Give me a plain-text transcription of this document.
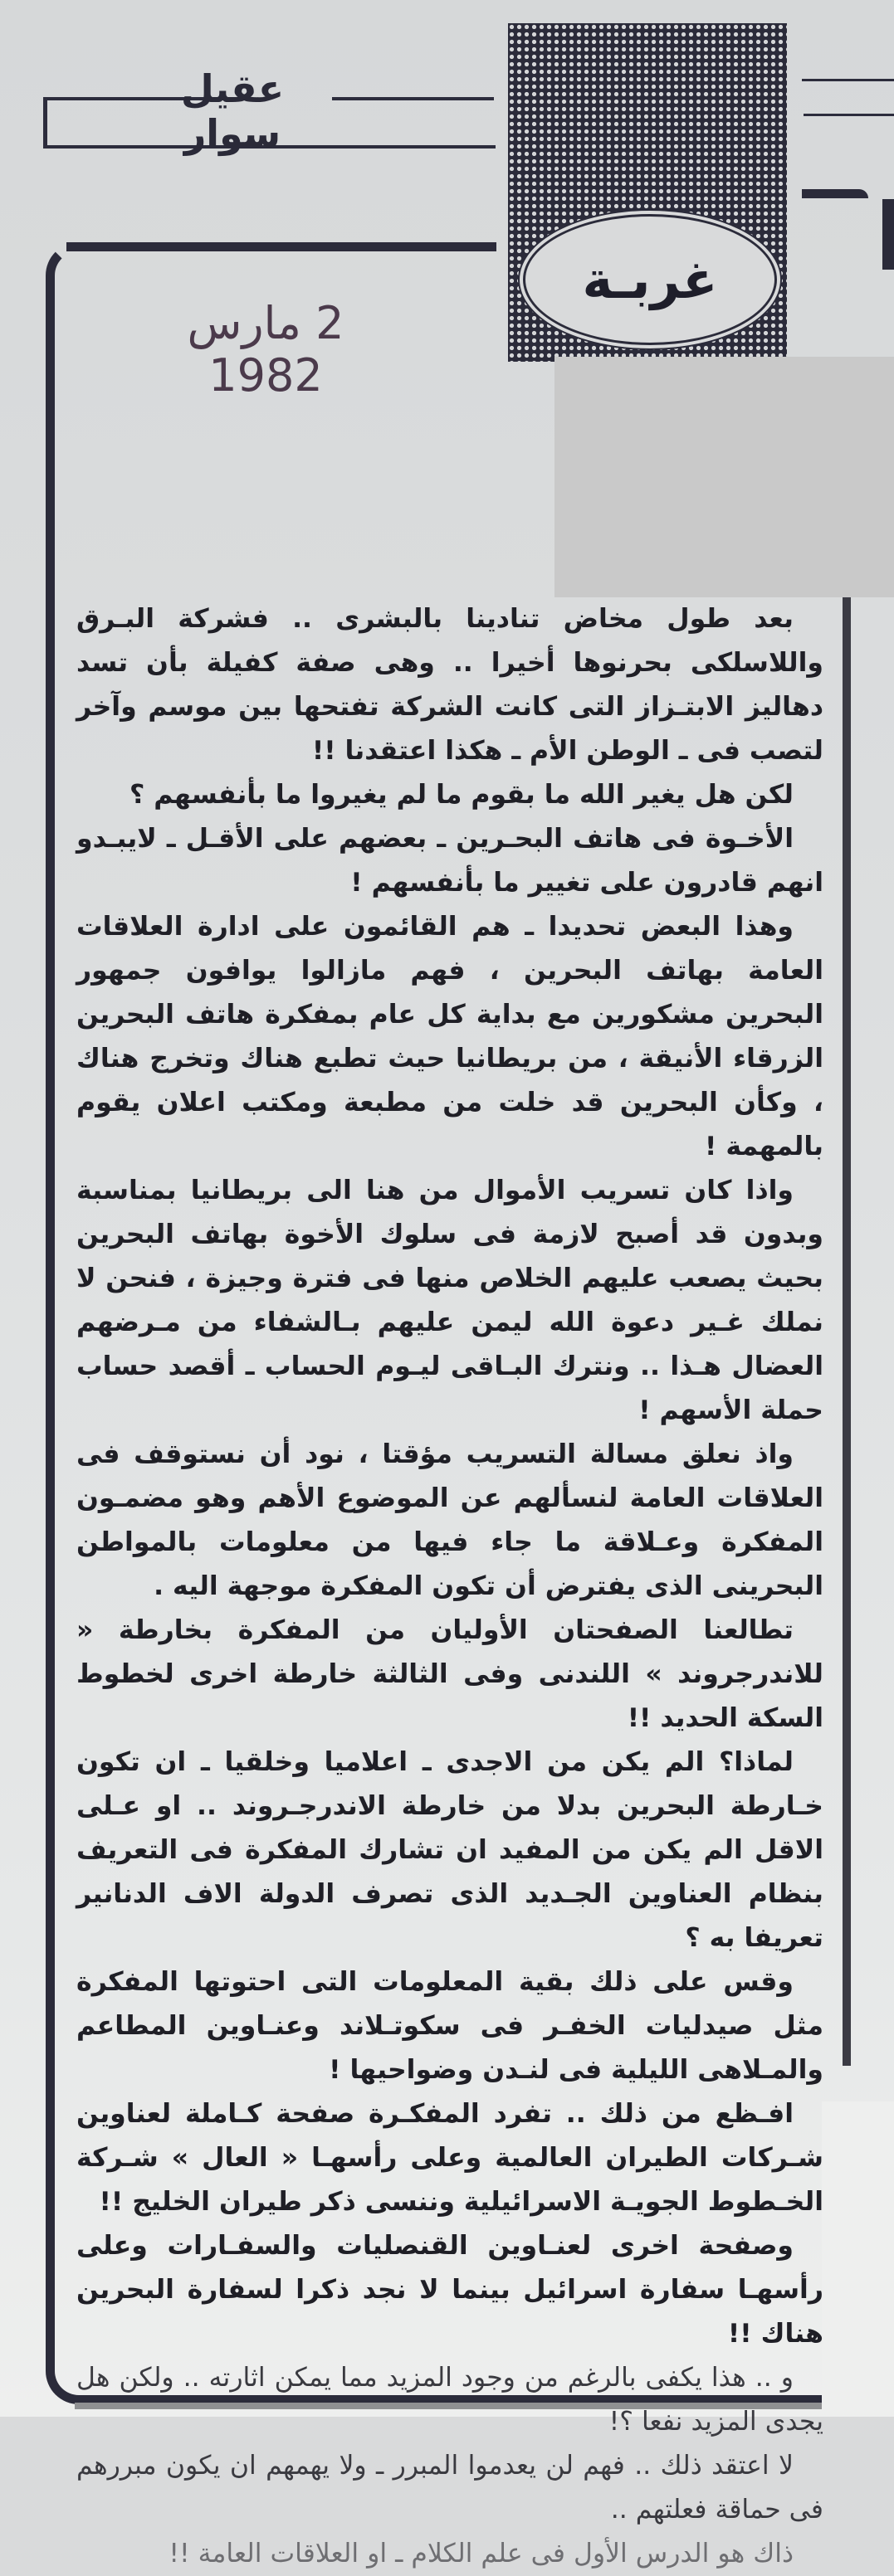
عقيل سوار
غربـة
2 مارس 1982

بعد طول مخاض تنادينا بالبشرى .. فشركة البـرق واللاسلكى بحرنوها أخيرا .. وهى صفة كفيلة بأن تسد دهاليز الابتـزاز التى كانت الشركة تفتحها بين موسم وآخر لتصب فى ـ الوطن الأم ـ هكذا اعتقدنا !!

لكن هل يغير الله ما بقوم ما لم يغيروا ما بأنفسهم ؟

الأخـوة فى هاتف البحـرين ـ بعضهم على الأقـل ـ لايبـدو انهم قادرون على تغيير ما بأنفسهم !

وهذا البعض تحديدا ـ هم القائمون على ادارة العلاقات العامة بهاتف البحرين ، فهم مازالوا يوافون جمهور البحرين مشكورين مع بداية كل عام بمفكرة هاتف البحرين الزرقاء الأنيقة ، من بريطانيا حيث تطبع هناك وتخرج هناك ، وكأن البحرين قد خلت من مطبعة ومكتب اعلان يقوم بالمهمة !

واذا كان تسريب الأموال من هنا الى بريطانيا بمناسبة وبدون قد أصبح لازمة فى سلوك الأخوة بهاتف البحرين بحيث يصعب عليهم الخلاص منها فى فترة وجيزة ، فنحن لا نملك غـير دعوة الله ليمن عليهم بـالشفاء من مـرضهم العضال هـذا .. ونترك البـاقى ليـوم الحساب ـ أقصد حساب حملة الأسهم !

واذ نعلق مسالة التسريب مؤقتا ، نود أن نستوقف فى العلاقات العامة لنسألهم عن الموضوع الأهم وهو مضمـون المفكرة وعـلاقة ما جاء فيها من معلومات بالمواطن البحرينى الذى يفترض أن تكون المفكرة موجهة اليه .

تطالعنا الصفحتان الأوليان من المفكرة بخارطة « للاندرجروند » اللندنى وفى الثالثة خارطة اخرى لخطوط السكة الحديد !!

لماذا؟ الم يكن من الاجدى ـ اعلاميا وخلقيا ـ ان تكون خـارطة البحرين بدلا من خارطة الاندرجـروند .. او عـلى الاقل الم يكن من المفيد ان تشارك المفكرة فى التعريف بنظام العناوين الجـديد الذى تصرف الدولة الاف الدنانير تعريفا به ؟

وقس على ذلك بقية المعلومات التى احتوتها المفكرة مثل صيدليات الخفـر فى سكوتـلاند وعنـاوين المطاعم والمـلاهى الليلية فى لنـدن وضواحيها !

افـظع من ذلك .. تفرد المفكـرة صفحة كـاملة لعناوين شـركات الطيران العالمية وعلى رأسهـا « العال » شـركة الخـطوط الجويـة الاسرائيلية وننسى ذكر طيران الخليج !!

وصفحة اخرى لعنـاوين القنصليات والسفـارات وعلى رأسهـا سفارة اسرائيل بينما لا نجد ذكرا لسفارة البحرين هناك !!

و .. هذا يكفى بالرغم من وجود المزيد مما يمكن اثارته .. ولكن هل يجدى المزيد نفعا ؟!

لا اعتقد ذلك .. فهم لن يعدموا المبرر ـ ولا يهمهم ان يكون مبررهم فى حماقة فعلتهم ..

ذاك هو الدرس الأول فى علم الكلام ـ او العلاقات العامة !!
